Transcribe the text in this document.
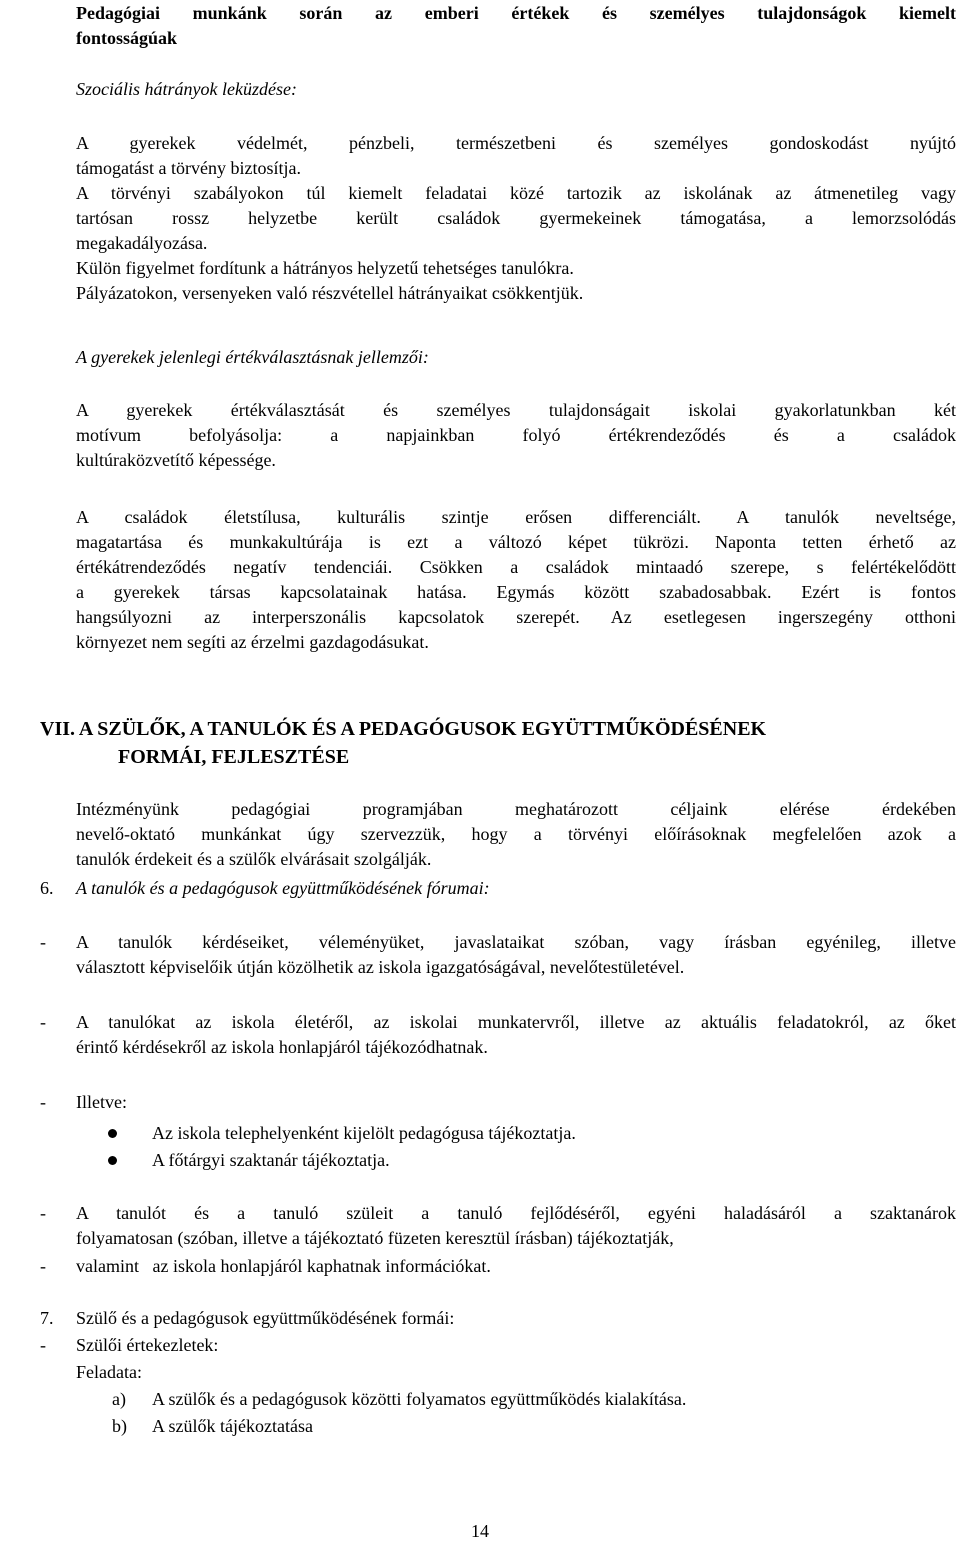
Pedagógiai munkánk során az emberi értékek és személyes tulajdonságok kiemelt
fontosságúak
Szociális hátrányok leküzdése:
A gyerekek védelmét, pénzbeli, természetbeni és személyes gondoskodást nyújtó
támogatást a törvény biztosítja.
A törvényi szabályokon túl kiemelt feladatai közé tartozik az iskolának az átmenetileg vagy
tartósan rossz helyzetbe került családok gyermekeinek támogatása, a lemorzsolódás
megakadályozása.
Külön figyelmet fordítunk a hátrányos helyzetű tehetséges tanulókra.
Pályázatokon, versenyeken való részvétellel hátrányaikat csökkentjük.
A gyerekek jelenlegi értékválasztásnak jellemzői:
A gyerekek értékválasztását és személyes tulajdonságait iskolai gyakorlatunkban két
motívum befolyásolja: a napjainkban folyó értékrendeződés és a családok
kultúraközvetítő képessége.
A családok életstílusa, kulturális szintje erősen differenciált. A tanulók neveltsége,
magatartása és munkakultúrája is ezt a változó képet tükrözi. Naponta tetten érhető az
értékátrendeződés negatív tendenciái. Csökken a családok mintaadó szerepe, s felértékelődött
a gyerekek társas kapcsolatainak hatása. Egymás között szabadosabbak. Ezért is fontos
hangsúlyozni az interperszonális kapcsolatok szerepét. Az esetlegesen ingerszegény otthoni
környezet nem segíti az érzelmi gazdagodásukat.
VII. A SZÜLŐK, A TANULÓK ÉS A PEDAGÓGUSOK EGYÜTTMŰKÖDÉSÉNEK
FORMÁI, FEJLESZTÉSE
Intézményünk pedagógiai programjában meghatározott céljaink elérése érdekében
nevelő-oktató munkánkat úgy szervezzük, hogy a törvényi előírásoknak megfelelően azok a
tanulók érdekeit és a szülők elvárásait szolgálják.
6. A tanulók és a pedagógusok együttműködésének fórumai:
- A tanulók kérdéseiket, véleményüket, javaslataikat szóban, vagy írásban egyénileg, illetve
választott képviselőik útján közölhetik az iskola igazgatóságával, nevelőtestületével.
- A tanulókat az iskola életéről, az iskolai munkatervről, illetve az aktuális feladatokról, az őket
érintő kérdésekről az iskola honlapjáról tájékozódhatnak.
- Illetve:
Az iskola telephelyenként kijelölt pedagógusa tájékoztatja.
A főtárgyi szaktanár tájékoztatja.
- A tanulót és a tanuló szüleit a tanuló fejlődéséről, egyéni haladásáról a szaktanárok
folyamatosan (szóban, illetve a tájékoztató füzeten keresztül írásban) tájékoztatják,
- valamint   az iskola honlapjáról kaphatnak információkat.
7. Szülő és a pedagógusok együttműködésének formái:
- Szülői értekezletek:
Feladata:
a)	A szülők és a pedagógusok közötti folyamatos együttműködés kialakítása.
b)	A szülők tájékoztatása
14
